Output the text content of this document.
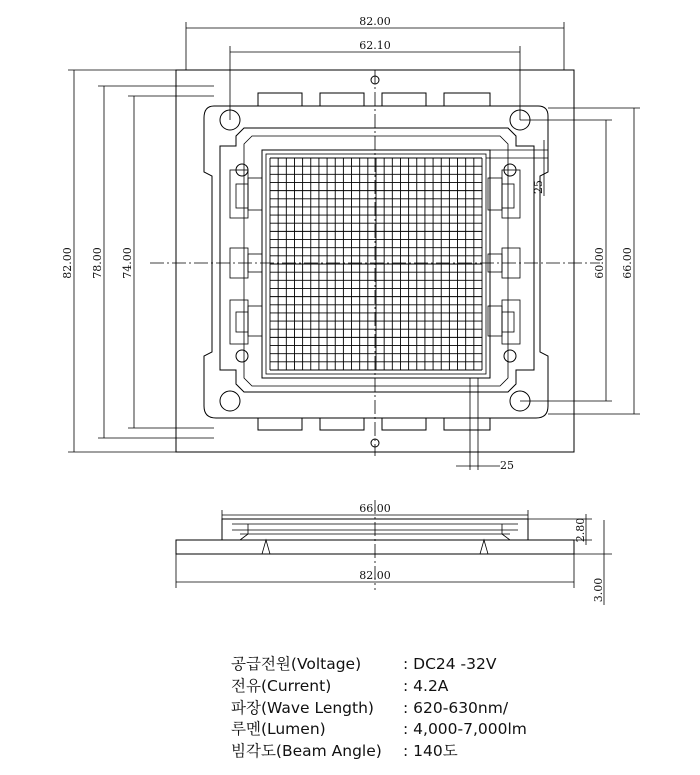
82.00
62.10
82.00 78.00 74.00	60.00 66.00
25
25
66.00
82.00
2.80
3.00
공급전원(Voltage)	: DC24 -32V
전유(Current)	: 4.2A
파장(Wave Length)	: 620-630nm/
루멘(Lumen)	: 4,000-7,000lm
빔각도(Beam Angle)	: 140도
